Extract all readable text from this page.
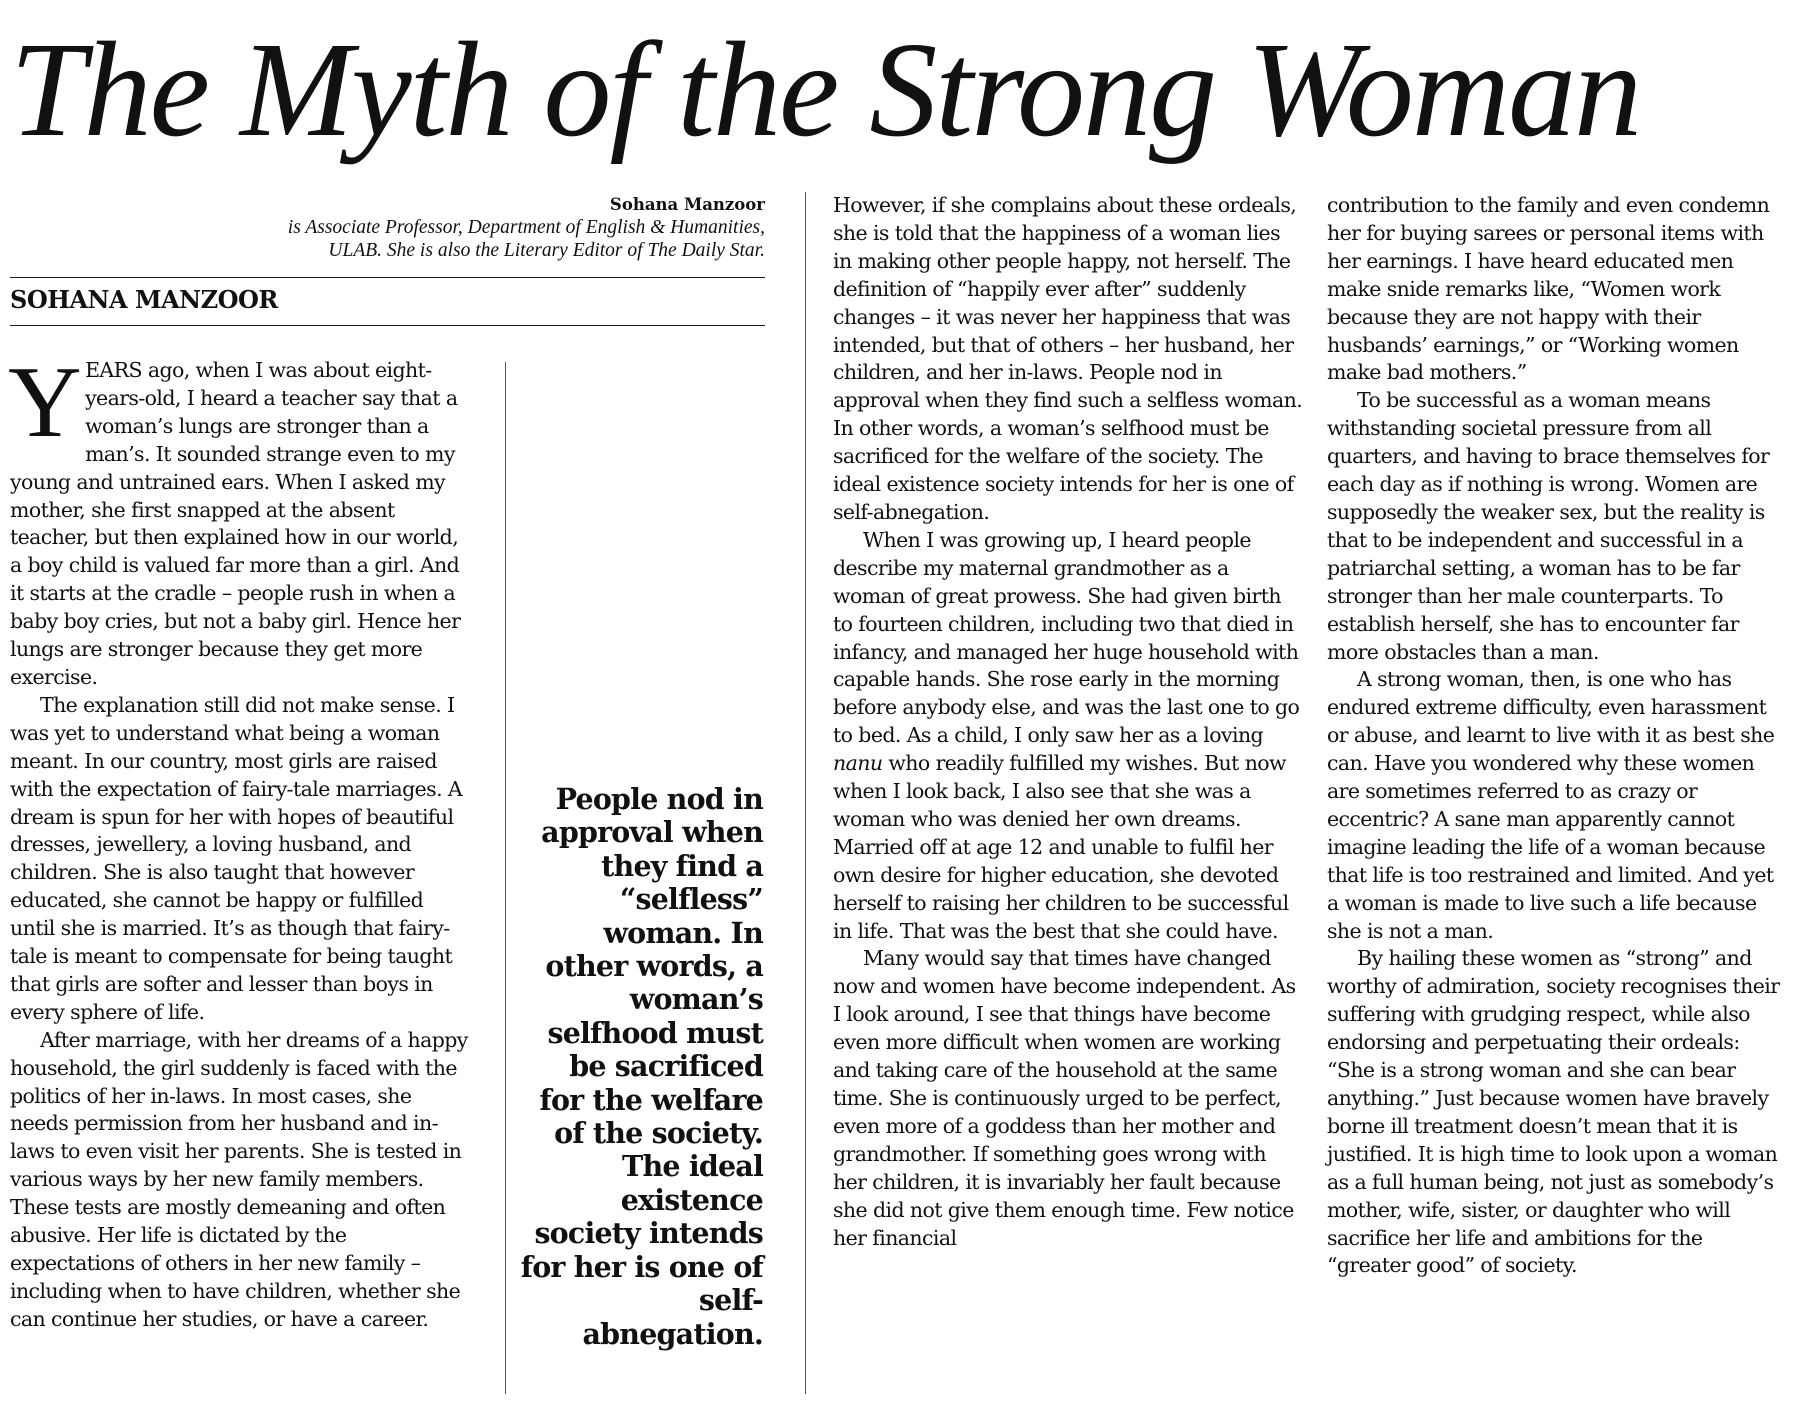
The Myth of the Strong Woman
Sohana Manzoor
is Associate Professor, Department of English & Humanities,
ULAB. She is also the Literary Editor of The Daily Star.
SOHANA MANZOOR

YEARS ago, when I was about eight-years-old, I heard a teacher say that a woman’s lungs are stronger than a man’s. It sounded strange even to my young and untrained ears. When I asked my mother, she first snapped at the absent teacher, but then explained how in our world, a boy child is valued far more than a girl. And it starts at the cradle – people rush in when a baby boy cries, but not a baby girl. Hence her lungs are stronger because they get more exercise.

The explanation still did not make sense. I was yet to understand what being a woman meant. In our country, most girls are raised with the expectation of fairy-tale marriages. A dream is spun for her with hopes of beautiful dresses, jewellery, a loving husband, and children. She is also taught that however educated, she cannot be happy or fulfilled until she is married. It’s as though that fairy-tale is meant to compensate for being taught that girls are softer and lesser than boys in every sphere of life.

After marriage, with her dreams of a happy household, the girl suddenly is faced with the politics of her in-laws. In most cases, she needs permission from her husband and in-laws to even visit her parents. She is tested in various ways by her new family members. These tests are mostly demeaning and often abusive. Her life is dictated by the expectations of others in her new family – including when to have children, whether she can continue her studies, or have a career.

People nod in approval when they find a “selfless” woman. In other words, a woman’s selfhood must be sacrificed for the welfare of the society. The ideal existence society intends for her is one of self-abnegation.

However, if she complains about these ordeals, she is told that the happiness of a woman lies in making other people happy, not herself. The definition of “happily ever after” suddenly changes – it was never her happiness that was intended, but that of others – her husband, her children, and her in-laws. People nod in approval when they find such a selfless woman. In other words, a woman’s selfhood must be sacrificed for the welfare of the society. The ideal existence society intends for her is one of self-abnegation.

When I was growing up, I heard people describe my maternal grandmother as a woman of great prowess. She had given birth to fourteen children, including two that died in infancy, and managed her huge household with capable hands. She rose early in the morning before anybody else, and was the last one to go to bed. As a child, I only saw her as a loving nanu who readily fulfilled my wishes. But now when I look back, I also see that she was a woman who was denied her own dreams. Married off at age 12 and unable to fulfil her own desire for higher education, she devoted herself to raising her children to be successful in life. That was the best that she could have.

Many would say that times have changed now and women have become independent. As I look around, I see that things have become even more difficult when women are working and taking care of the household at the same time. She is continuously urged to be perfect, even more of a goddess than her mother and grandmother. If something goes wrong with her children, it is invariably her fault because she did not give them enough time. Few notice her financial

contribution to the family and even condemn her for buying sarees or personal items with her earnings. I have heard educated men make snide remarks like, “Women work because they are not happy with their husbands’ earnings,” or “Working women make bad mothers.”

To be successful as a woman means withstanding societal pressure from all quarters, and having to brace themselves for each day as if nothing is wrong. Women are supposedly the weaker sex, but the reality is that to be independent and successful in a patriarchal setting, a woman has to be far stronger than her male counterparts. To establish herself, she has to encounter far more obstacles than a man.

A strong woman, then, is one who has endured extreme difficulty, even harassment or abuse, and learnt to live with it as best she can. Have you wondered why these women are sometimes referred to as crazy or eccentric? A sane man apparently cannot imagine leading the life of a woman because that life is too restrained and limited. And yet a woman is made to live such a life because she is not a man.

By hailing these women as “strong” and worthy of admiration, society recognises their suffering with grudging respect, while also endorsing and perpetuating their ordeals: “She is a strong woman and she can bear anything.” Just because women have bravely borne ill treatment doesn’t mean that it is justified. It is high time to look upon a woman as a full human being, not just as somebody’s mother, wife, sister, or daughter who will sacrifice her life and ambitions for the “greater good” of society.
